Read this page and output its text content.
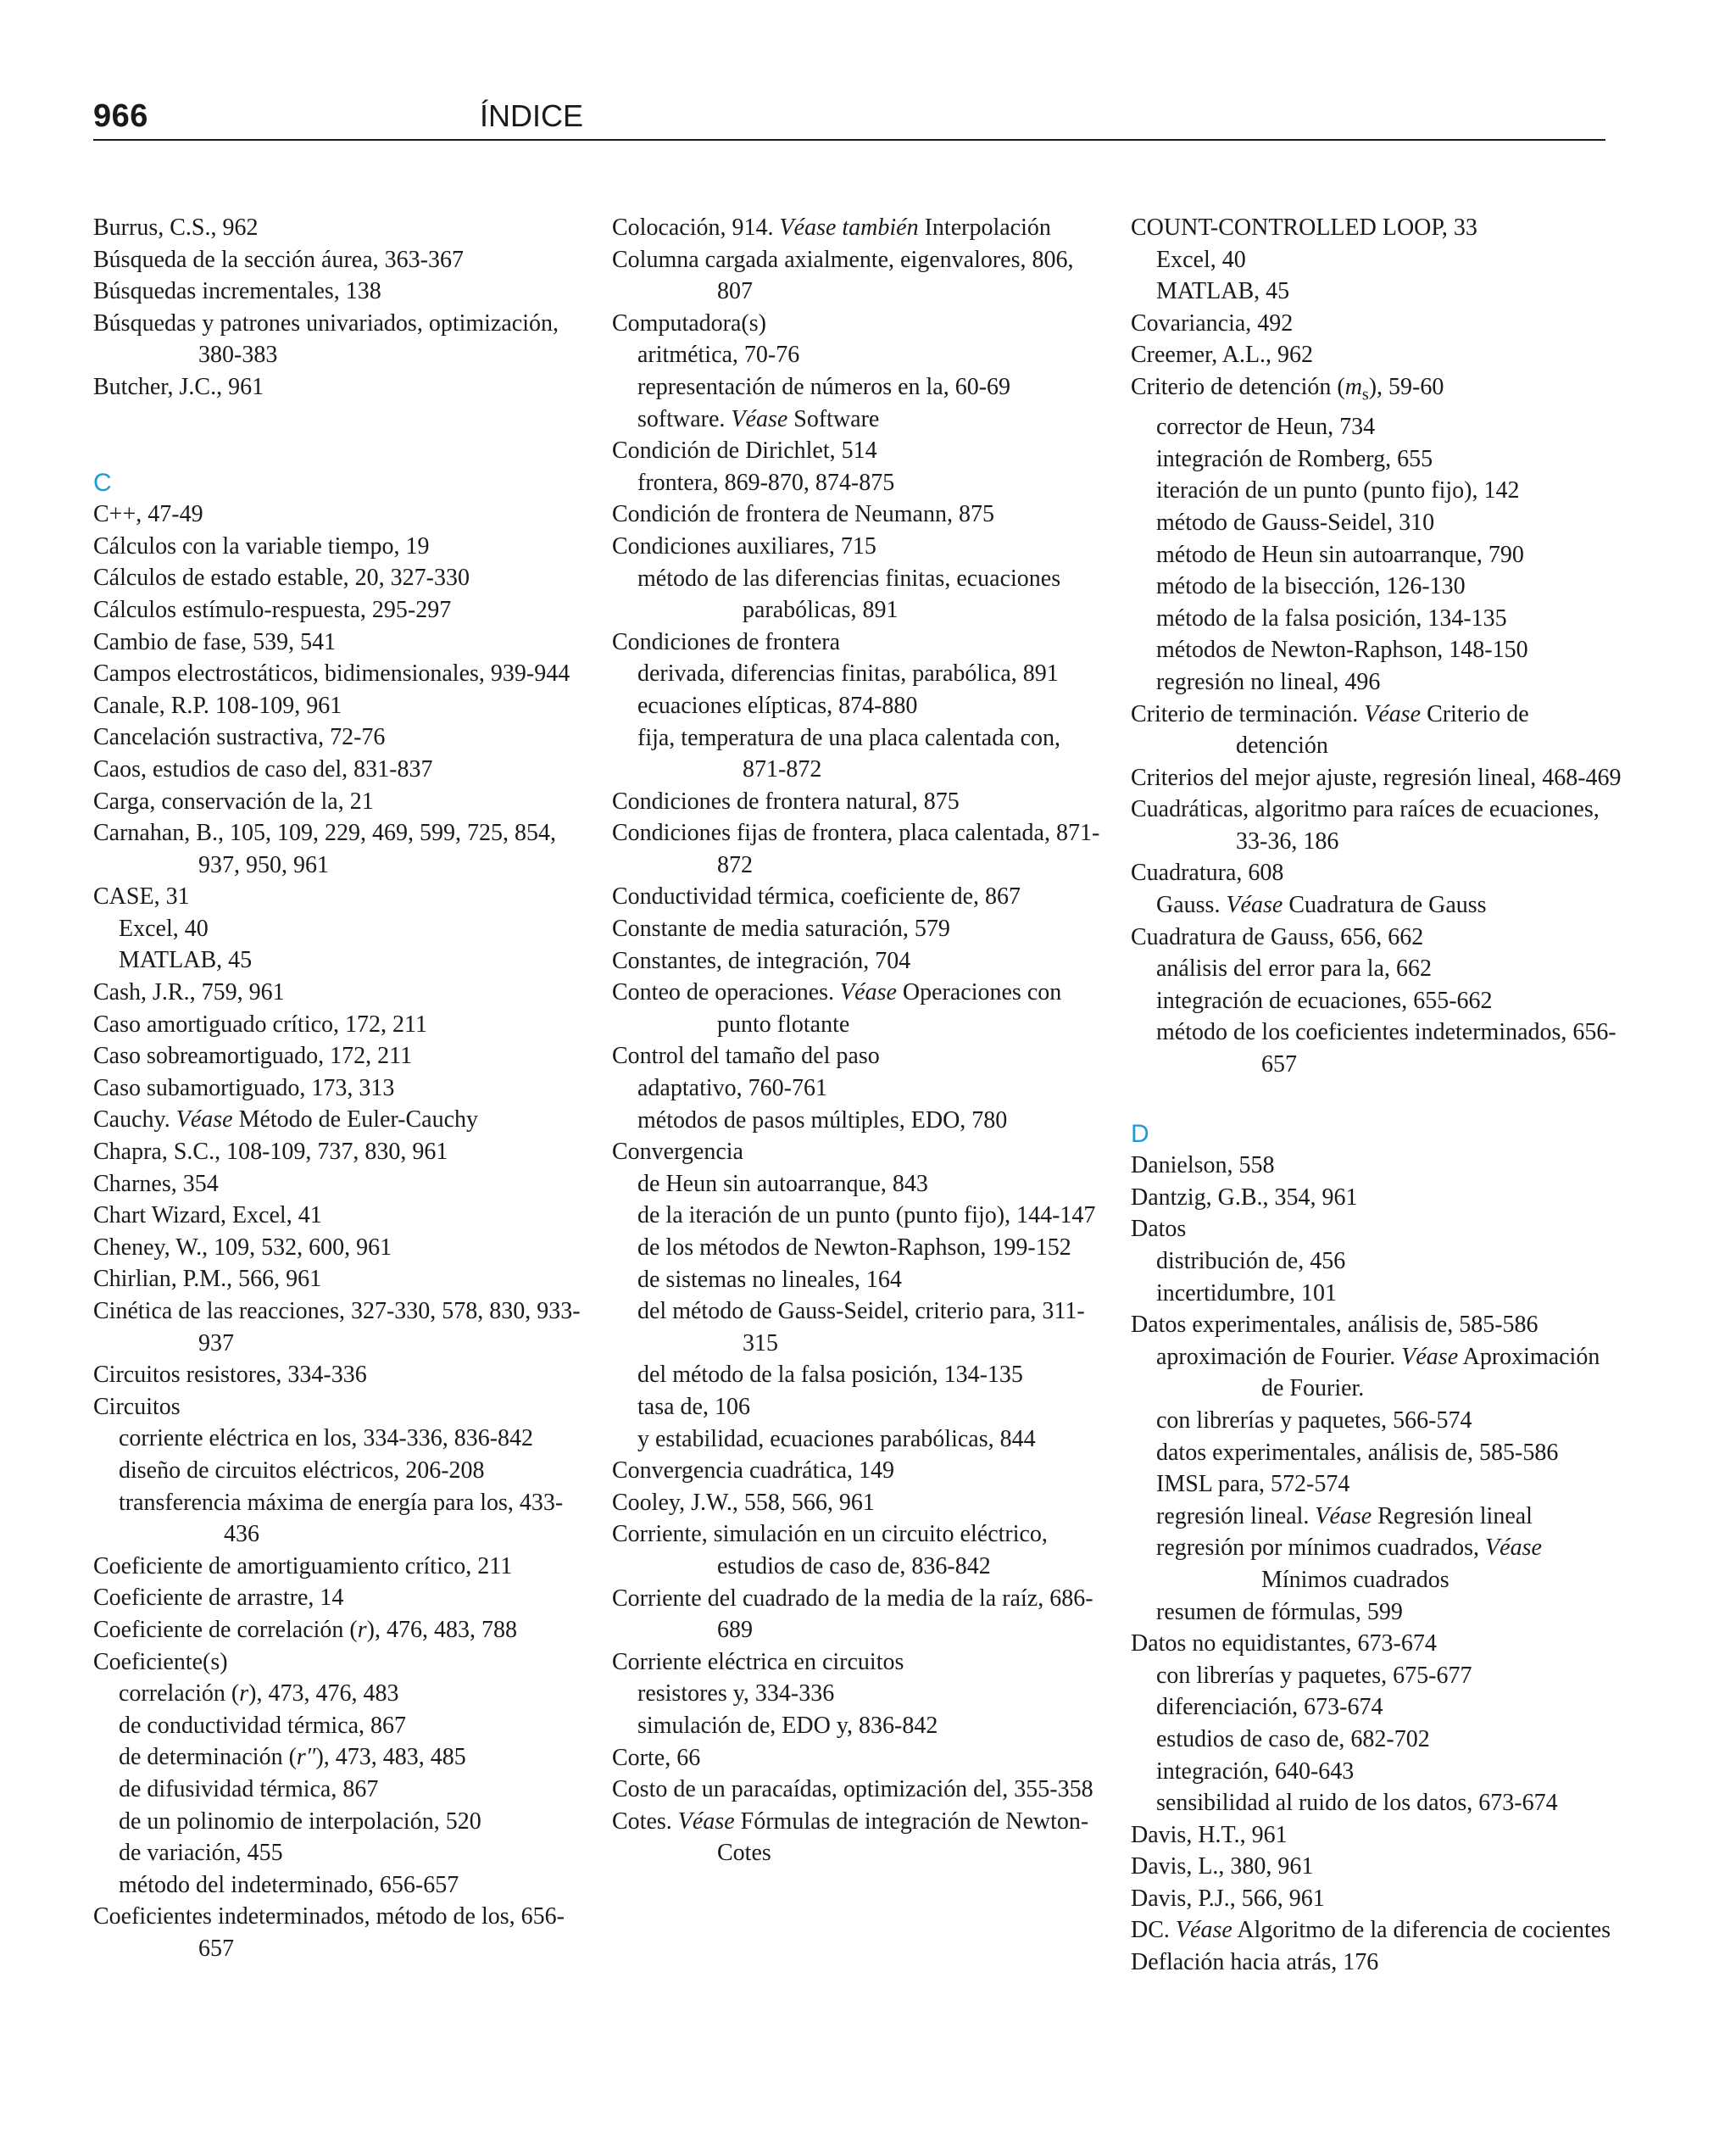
966	ÍNDICE
Burrus, C.S., 962
Búsqueda de la sección áurea, 363-367
Búsquedas incrementales, 138
Búsquedas y patrones univariados, optimización, 380-383
Butcher, J.C., 961
C
C++, 47-49
Cálculos con la variable tiempo, 19
Cálculos de estado estable, 20, 327-330
Cálculos estímulo-respuesta, 295-297
Cambio de fase, 539, 541
Campos electrostáticos, bidimensionales, 939-944
Canale, R.P. 108-109, 961
Cancelación sustractiva, 72-76
Caos, estudios de caso del, 831-837
Carga, conservación de la, 21
Carnahan, B., 105, 109, 229, 469, 599, 725, 854, 937, 950, 961
CASE, 31
Excel, 40
MATLAB, 45
Cash, J.R., 759, 961
Caso amortiguado crítico, 172, 211
Caso sobreamortiguado, 172, 211
Caso subamortiguado, 173, 313
Cauchy. Véase Método de Euler-Cauchy
Chapra, S.C., 108-109, 737, 830, 961
Charnes, 354
Chart Wizard, Excel, 41
Cheney, W., 109, 532, 600, 961
Chirlian, P.M., 566, 961
Cinética de las reacciones, 327-330, 578, 830, 933-937
Circuitos resistores, 334-336
Circuitos
corriente eléctrica en los, 334-336, 836-842
diseño de circuitos eléctricos, 206-208
transferencia máxima de energía para los, 433-436
Coeficiente de amortiguamiento crítico, 211
Coeficiente de arrastre, 14
Coeficiente de correlación (r), 476, 483, 788
Coeficiente(s)
correlación (r), 473, 476, 483
de conductividad térmica, 867
de determinación (r″), 473, 483, 485
de difusividad térmica, 867
de un polinomio de interpolación, 520
de variación, 455
método del indeterminado, 656-657
Coeficientes indeterminados, método de los, 656-657
Colocación, 914. Véase también Interpolación
Columna cargada axialmente, eigenvalores, 806, 807
Computadora(s)
aritmética, 70-76
representación de números en la, 60-69
software. Véase Software
Condición de Dirichlet, 514
frontera, 869-870, 874-875
Condición de frontera de Neumann, 875
Condiciones auxiliares, 715
método de las diferencias finitas, ecuaciones parabólicas, 891
Condiciones de frontera
derivada, diferencias finitas, parabólica, 891
ecuaciones elípticas, 874-880
fija, temperatura de una placa calentada con, 871-872
Condiciones de frontera natural, 875
Condiciones fijas de frontera, placa calentada, 871-872
Conductividad térmica, coeficiente de, 867
Constante de media saturación, 579
Constantes, de integración, 704
Conteo de operaciones. Véase Operaciones con punto flotante
Control del tamaño del paso
adaptativo, 760-761
métodos de pasos múltiples, EDO, 780
Convergencia
de Heun sin autoarranque, 843
de la iteración de un punto (punto fijo), 144-147
de los métodos de Newton-Raphson, 199-152
de sistemas no lineales, 164
del método de Gauss-Seidel, criterio para, 311-315
del método de la falsa posición, 134-135
tasa de, 106
y estabilidad, ecuaciones parabólicas, 844
Convergencia cuadrática, 149
Cooley, J.W., 558, 566, 961
Corriente, simulación en un circuito eléctrico, estudios de caso de, 836-842
Corriente del cuadrado de la media de la raíz, 686-689
Corriente eléctrica en circuitos
resistores y, 334-336
simulación de, EDO y, 836-842
Corte, 66
Costo de un paracaídas, optimización del, 355-358
Cotes. Véase Fórmulas de integración de Newton-Cotes
COUNT-CONTROLLED LOOP, 33
Excel, 40
MATLAB, 45
Covariancia, 492
Creemer, A.L., 962
Criterio de detención $(m_s)$, 59-60
corrector de Heun, 734
integración de Romberg, 655
iteración de un punto (punto fijo), 142
método de Gauss-Seidel, 310
método de Heun sin autoarranque, 790
método de la bisección, 126-130
método de la falsa posición, 134-135
métodos de Newton-Raphson, 148-150
regresión no lineal, 496
Criterio de terminación. Véase Criterio de detención
Criterios del mejor ajuste, regresión lineal, 468-469
Cuadráticas, algoritmo para raíces de ecuaciones, 33-36, 186
Cuadratura, 608
Gauss. Véase Cuadratura de Gauss
Cuadratura de Gauss, 656, 662
análisis del error para la, 662
integración de ecuaciones, 655-662
método de los coeficientes indeterminados, 656-657
D
Danielson, 558
Dantzig, G.B., 354, 961
Datos
distribución de, 456
incertidumbre, 101
Datos experimentales, análisis de, 585-586
aproximación de Fourier. Véase Aproximación de Fourier.
con librerías y paquetes, 566-574
datos experimentales, análisis de, 585-586
IMSL para, 572-574
regresión lineal. Véase Regresión lineal
regresión por mínimos cuadrados, Véase Mínimos cuadrados
resumen de fórmulas, 599
Datos no equidistantes, 673-674
con librerías y paquetes, 675-677
diferenciación, 673-674
estudios de caso de, 682-702
integración, 640-643
sensibilidad al ruido de los datos, 673-674
Davis, H.T., 961
Davis, L., 380, 961
Davis, P.J., 566, 961
DC. Véase Algoritmo de la diferencia de cocientes
Deflación hacia atrás, 176
